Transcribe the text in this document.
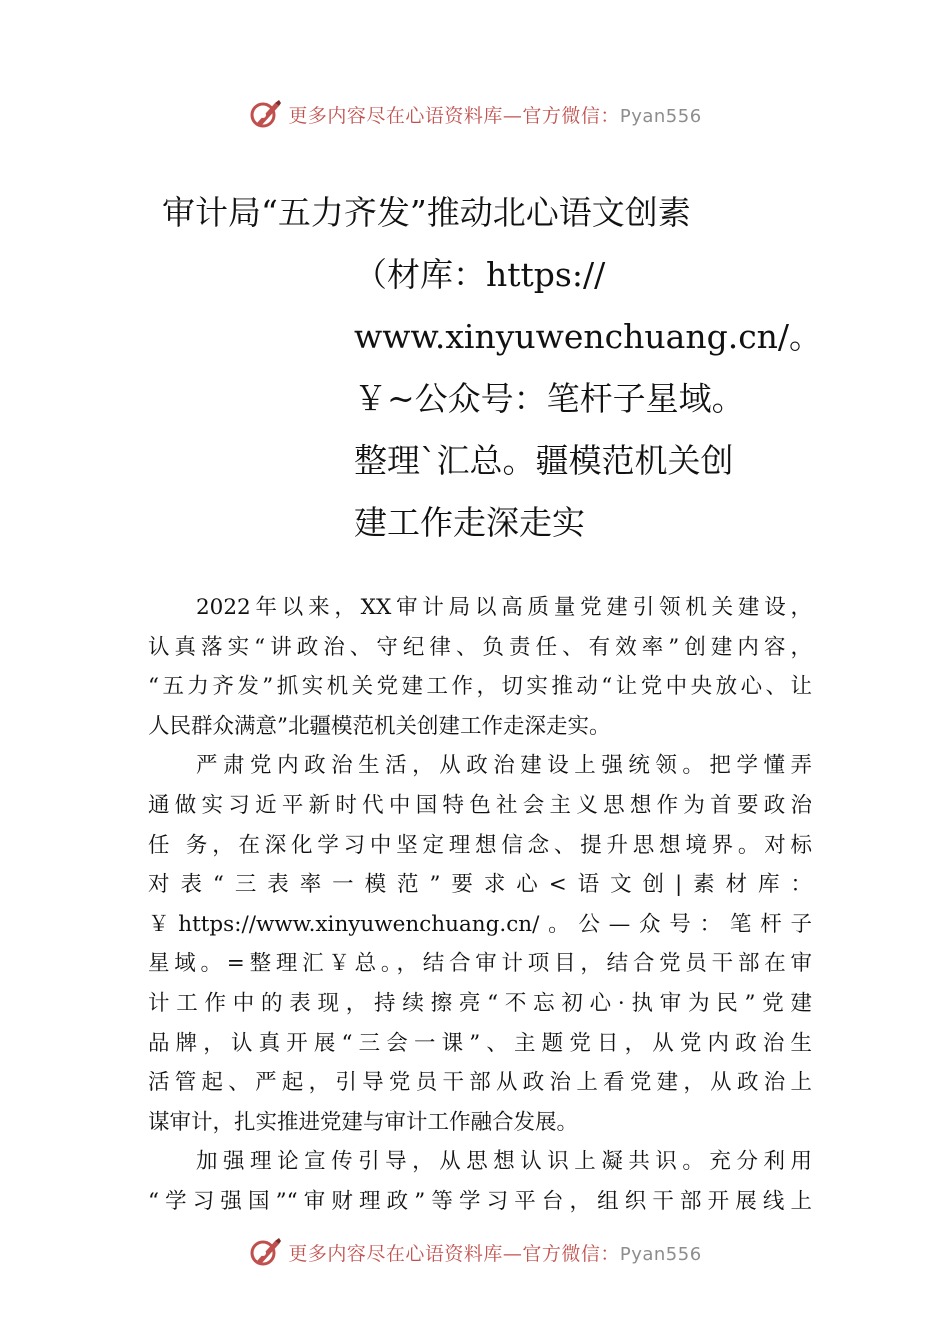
更多内容尽在心语资料库—官方微信：Pyan556
审计局“五力齐发”推动北心语文创素
（材库：https://
www.xinyuwenchuang.cn/。
￥~公众号：笔杆子星域。
整理`汇总。疆模范机关创
建工作走深走实

2022年以来，XX审计局以高质量党建引领机关建设，
认真落实“讲政治、守纪律、负责任、有效率”创建内容，
“五力齐发”抓实机关党建工作，切实推动“让党中央放心、让
人民群众满意”北疆模范机关创建工作走深走实。

严肃党内政治生活，从政治建设上强统领。把学懂弄
通做实习近平新时代中国特色社会主义思想作为首要政治
任 务，在深化学习中坚定理想信念、提升思想境界。对标
对表“三表率一模范”要求心<语文创|素材库：
￥https://www.xinyuwenchuang.cn/。公—众号：笔杆子
星域。=整理汇￥总。，结合审计项目，结合党员干部在审
计工作中的表现，持续擦亮“不忘初心·执审为民”党建
品牌，认真开展“三会一课”、主题党日，从党内政治生
活管起、严起，引导党员干部从政治上看党建，从政治上
谋审计，扎实推进党建与审计工作融合发展。

加强理论宣传引导，从思想认识上凝共识。充分利用
“学习强国”“审财理政”等学习平台，组织干部开展线上

更多内容尽在心语资料库—官方微信：Pyan556
